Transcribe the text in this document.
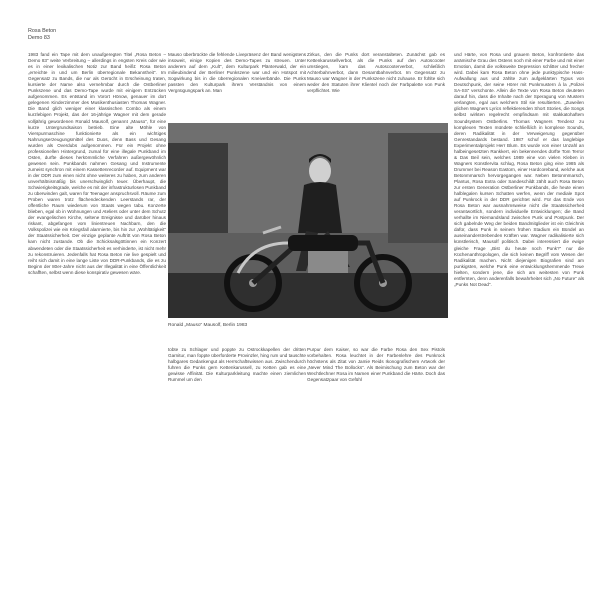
Rosa Beton
Demo 83

1983 fand ein Tape mit dem unaufgeregten Titel „Rosa Beton – Demo 83“ weite Verbreitung – allerdings in engsten Kreis oder wie es in einer lexikalischen Notiz zur Band heißt: Rosa Beton „erreichte in und um Berlin überregionale Bekanntheit“. Im Gegensatz zu Bands, die nur als Gerücht in Erscheinung traten, kursierte der Name also vernehmbar durch die Ostberliner Punkszene und das Demo-Tape wurde mit einigem Entzücken aufgenommen. Es entstand im Vorort Hönow, genauer im dort gelegenen Kinderzimmer des Musikenthusiasten Thomas Wagner. Die Band glich weniger einer klassischen Combo als einem kurzlebigen Projekt, das der 16-jährige Wagner mit dem gerade volljährig gewordenen Ronald Mausolf, genannt „Mauso“, für eine kurze Untergrundsaison betrieb. Eine alte Möhle von Vierspurmaschine funktionierte als ein wichtiges Nahrungserzeugungsmittel des Duos, denn Bass und Gesang wurden als Overdubs aufgenommen. Für ein Projekt ohne professionellen Hintergrund, zumal für eine illegale Punkband im Osten, durfte dieses herkömmliche Verfahren außergewöhnlich gewesen sein. Punkbands nahmen Gesang und Instrumente zumeist synchron mit einem Kassettenrecorder auf. Equipment war in der DDR zum einen nicht ohne weiteres zu haben, zum anderen unverhältnismäßig bis unerschwinglich teuer. Überhaupt, die Schwierigkeitsgrade, welche es mit der infrastrukturlosen Punkband zu überwinden galt, waren für Teenager anspruchsvoll. Räume zum Proben waren trotz flächendeckenden Leerstands rar, der offentliche Raum wiederum von Staats wegen tabu. Konzerte blieben, egal ob in Wohnungen und Ateliers oder unter dem Schutz der evangelischen Kirche, seltene Ereignisse und darüber hinaus riskant, abgefangen vom linientreuen Nachbarn, den die Volkspolizei wie ein Kriegsfall alarmierte, bis hin zur „Wohltätigkeit“ der Staatssicherheit. Der einzige geplante Auftritt von Rosa Beton kam nicht zustande. Ob die Schicksalsgöttinnen ein Konzert abwendeten oder die Staatssicherheit es verhinderte, ist nicht mehr zu rekonstruieren. Jedenfalls hat Rosa Beton nie live gespielt und reiht sich damit in eine lange Liste von DDR-Punkbands, die es zu Beginn der 80er-Jahre nicht aus der Illegalität in eine Öffentlichkeit schafften, selbst wenn diese konspirativ gewesen wäre.

Mauso überbrückte die fehlende Livepräsenz der Band wenigstens insoweit, einige Kopien des Demo-Tapes zu streuen. Unter anderem auf dem „Kult“, dem Kulturpark Plänterwald, der ein milieubindend der Berliner Punkszene war und ein Hotspot mit Sogwirkung bis in die überregionalen Kneiverbände. Die Punks passten den Kulturpark ihrem Verständnis von einem Vergnügungspark an. Man

Zirkus, den die Punks dort veranstalteten. Zunächst gab es Kettenkarussellverbot, als die Punks auf den Autoscooter umstiegen, kam das Autoscooterverbot, schließlich Achterbahnverbot, dann Gesamtbahnverbot. Im Gegensatz zu Mauso war Wagner in der Punkszene nicht zuhause. Er fühlte sich weder den Statuten ihrer Klientel noch der Farbpalette von Punk verpflichtet. Wie

und Härte, von Rosa und grauem Beton, konfrontierte das anämische Grau des Ostens noch mit einer Farbe und mit einer Emotion, damit die volksweite Depression schlitter und frecher wird. Dabei kam Rosa Beton ohne jede punktypische Hass-Aufwallung aus und zählte zum aufgeklärten Typus von Deutschpunk, der seine Hörer mit Punkmustern à la „Polizei SA-SS“ verschonte. Allein die Texte von Rosa Beton deuteten darauf hin, dass die Inhalte nach der Speragung von Mustern verlangten, egal aus welchem Stil sie resultierten. „Zuweilen glichen Wagners Lyrics reflektierenden Short Stories, die Songs selbst wirkten regelrecht empfindsam mit stakkatohaftem Soundsystem Ostberlins. Thomas Wagners Tendenz zu komplexen Texten mündete schließlich in komplexe Sounds, deren Radikalität in der Verweigerung gegenüber Genrestandards bestand. 1987 schuf er das langlebige Experimentalprojekt Herr Blum. Es wurde von einer Unzahl an halbeingesetzten Rankkert, ein bekennendes dürfte Tom Terror & Das Beil sein, welches 1989 eine von vielen Kleben in Wagners Künstlervita schlug, Rosa Beton ging eine 1985 als Drummer bei Reason Eastorn, einer Hardcoreband, welche aus Betonmmarsch hervorgegangen war. Neben Betonmmarsch, Plantus, Rosa Extra oder Sandeschildt zählt auch Rosa Beton zur ersten Generation Ostberliner Punkbands, die heute einen halblegalen kursen Schatten werfen, wenn der mediale Spot auf Punkrock in der DDR gerichtet wird. Für das Ende von Rosa Beton war ausnahmsweise nicht die Staatssicherheit verantwortlich, sondern individuelle Entwicklungen; die Band verhallte im Niemandsland zwischen Punk und Postpunk. Der sich gabelnde Weg der beiden Bandmitglieder ist ein Gleichnis dafür, dass Punk in seinem frühen Stadium ein Bündel an auseinanderstrebenden Kräften war. Wagner radikalisierte sich künstlerisch, Mausolf politisch. Dabei interessiert die ewige gleiche Frage „Bist du heute noch Punk?“ nur die Küchenanthropologen, die sich keinen Begriff vom Wesen der Radikalität machen. Nicht diejenigen Biografien sind am punkigsten, welche Punk eine entwicklungshemmende Treue hielten, sondern jene, die sich am weitesten von Punk entfernten, denn anderenfalls bewahrheitet sich „No Future“ als „Punks Not Dead“.

Ronald „Mauso“ Mausolf, Berlin 1983

tobte zu Schlager und poppte zu Ostrockkapellen der dritten Garnitur, man foppte überforderte Provinzler, hing rum und tauschte halbgares Gedankengut als Herrschaftswissen aus. Zwischendurch fuhren die Punks gern Kettenkarussell, zu Ketten gab es eine gewisse Affinität. Die Kulturparkleitung machte einen ziemlichen Rummel um den

Purpur dem Kaiser, so war die Farbe Rosa den Sex Pistols vorbehalten. Rosa leuchtet in der Farbenlehre des Punkrock höchstens als Zitat von Jamie Reids Ikonografischem Artwork der „Never Mind The Bollocks“. Als Beimischung zum Beton war der Wechtlechner Rosa im Namen einer Punkband die Härte. Doch das Gegensatzpaar von Gefühl
